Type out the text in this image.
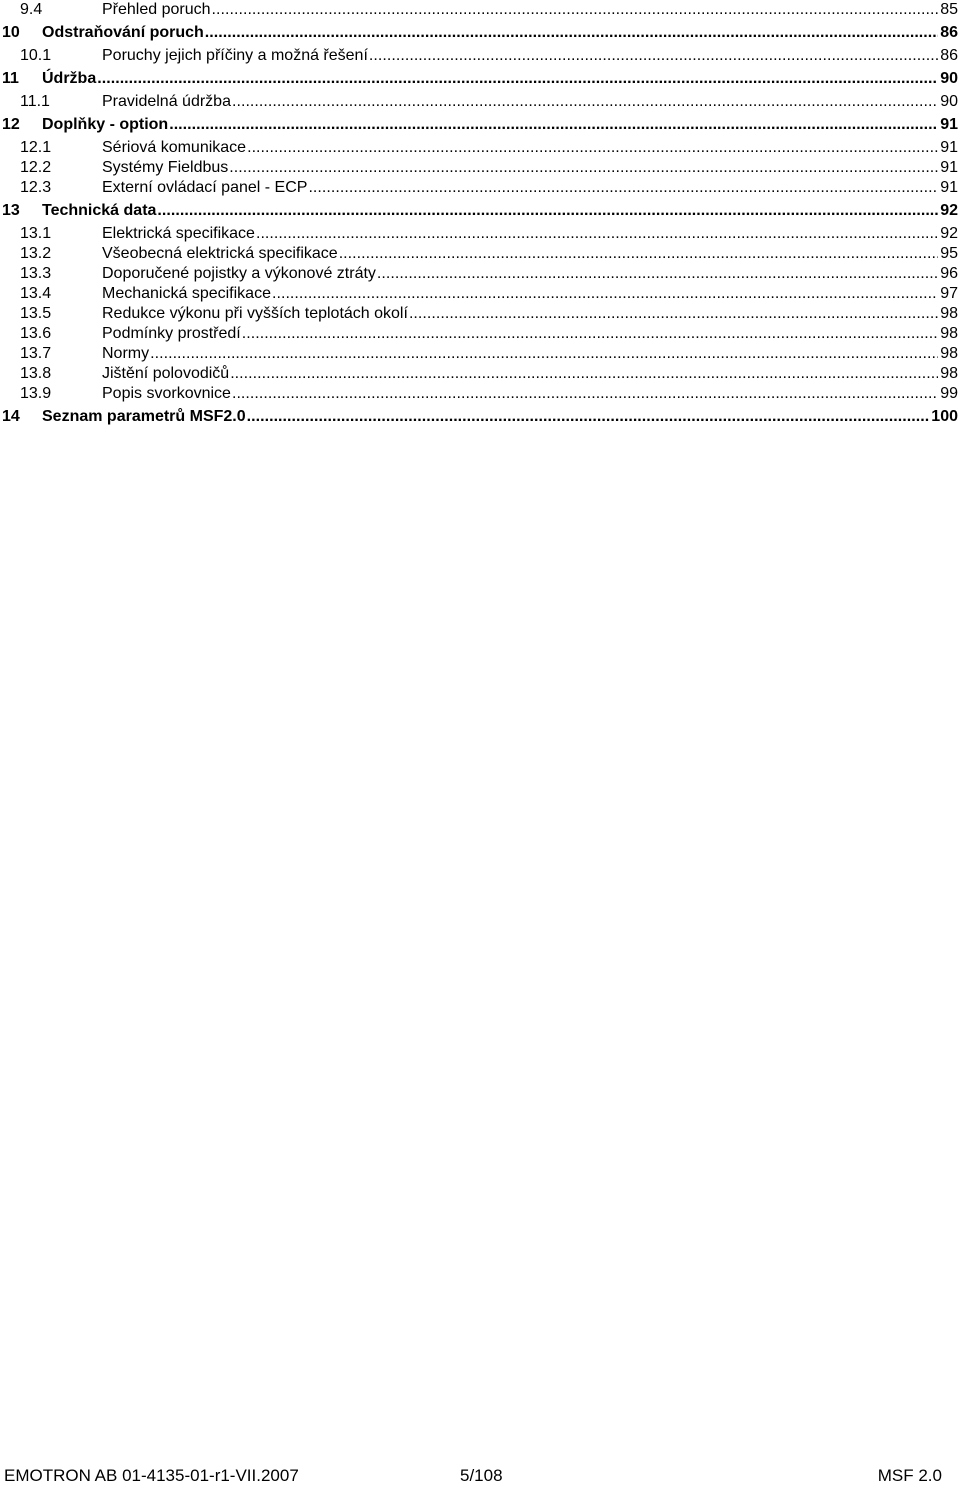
9.4	Přehled poruch . . .	85
10	Odstraňování poruch . . .	86
10.1	Poruchy jejich příčiny a možná řešení . . .	86
11	Údržba . . .	90
11.1	Pravidelná údržba . . .	90
12	Doplňky - option . . .	91
12.1	Sériová komunikace . . .	91
12.2	Systémy Fieldbus . . .	91
12.3	Externí ovládací panel - ECP . . .	91
13	Technická data . . .	92
13.1	Elektrická specifikace . . .	92
13.2	Všeobecná elektrická specifikace . . .	95
13.3	Doporučené pojistky a výkonové ztráty . . .	96
13.4	Mechanická specifikace . . .	97
13.5	Redukce výkonu při vyšších teplotách okolí . . .	98
13.6	Podmínky prostředí . . .	98
13.7	Normy . . .	98
13.8	Jištění polovodičů . . .	98
13.9	Popis svorkovnice . . .	99
14	Seznam parametrů MSF2.0 . . .	100
EMOTRON AB 01-4135-01-r1-VII.2007	5/108	MSF 2.0
